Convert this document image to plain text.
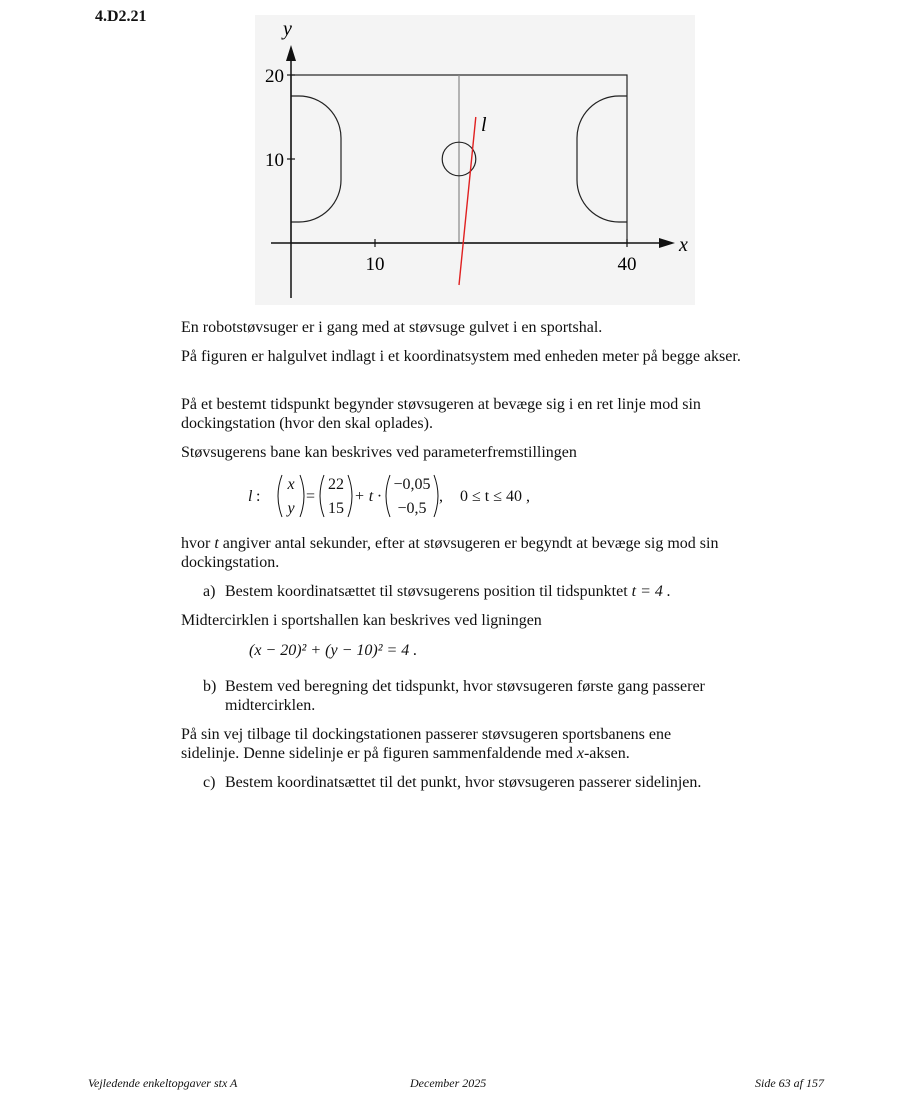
4.D2.21
y
x
l
10	40
10
20
En robotstøvsuger er i gang med at støvsuge gulvet i en sportshal.
På figuren er halgulvet indlagt i et koordinatsystem med enheden meter på begge akser.
På et bestemt tidspunkt begynder støvsugeren at bevæge sig i en ret linje mod sin dockingstation (hvor den skal oplades).
Støvsugerens bane kan beskrives ved parameterfremstillingen
l :
x
y
=
22
15
+ t ·
−0,05
−0,5
, 0 ≤ t ≤ 40 ,
hvor t angiver antal sekunder, efter at støvsugeren er begyndt at bevæge sig mod sin dockingstation.
a) Bestem koordinatsættet til støvsugerens position til tidspunktet t = 4 .
Midtercirklen i sportshallen kan beskrives ved ligningen
(x − 20)² + (y − 10)² = 4 .
b) Bestem ved beregning det tidspunkt, hvor støvsugeren første gang passerer midtercirklen.
På sin vej tilbage til dockingstationen passerer støvsugeren sportsbanens ene
sidelinje. Denne sidelinje er på figuren sammenfaldende med x-aksen.
c) Bestem koordinatsættet til det punkt, hvor støvsugeren passerer sidelinjen.
Vejledende enkeltopgaver stx A	December 2025	Side 63 af 157
